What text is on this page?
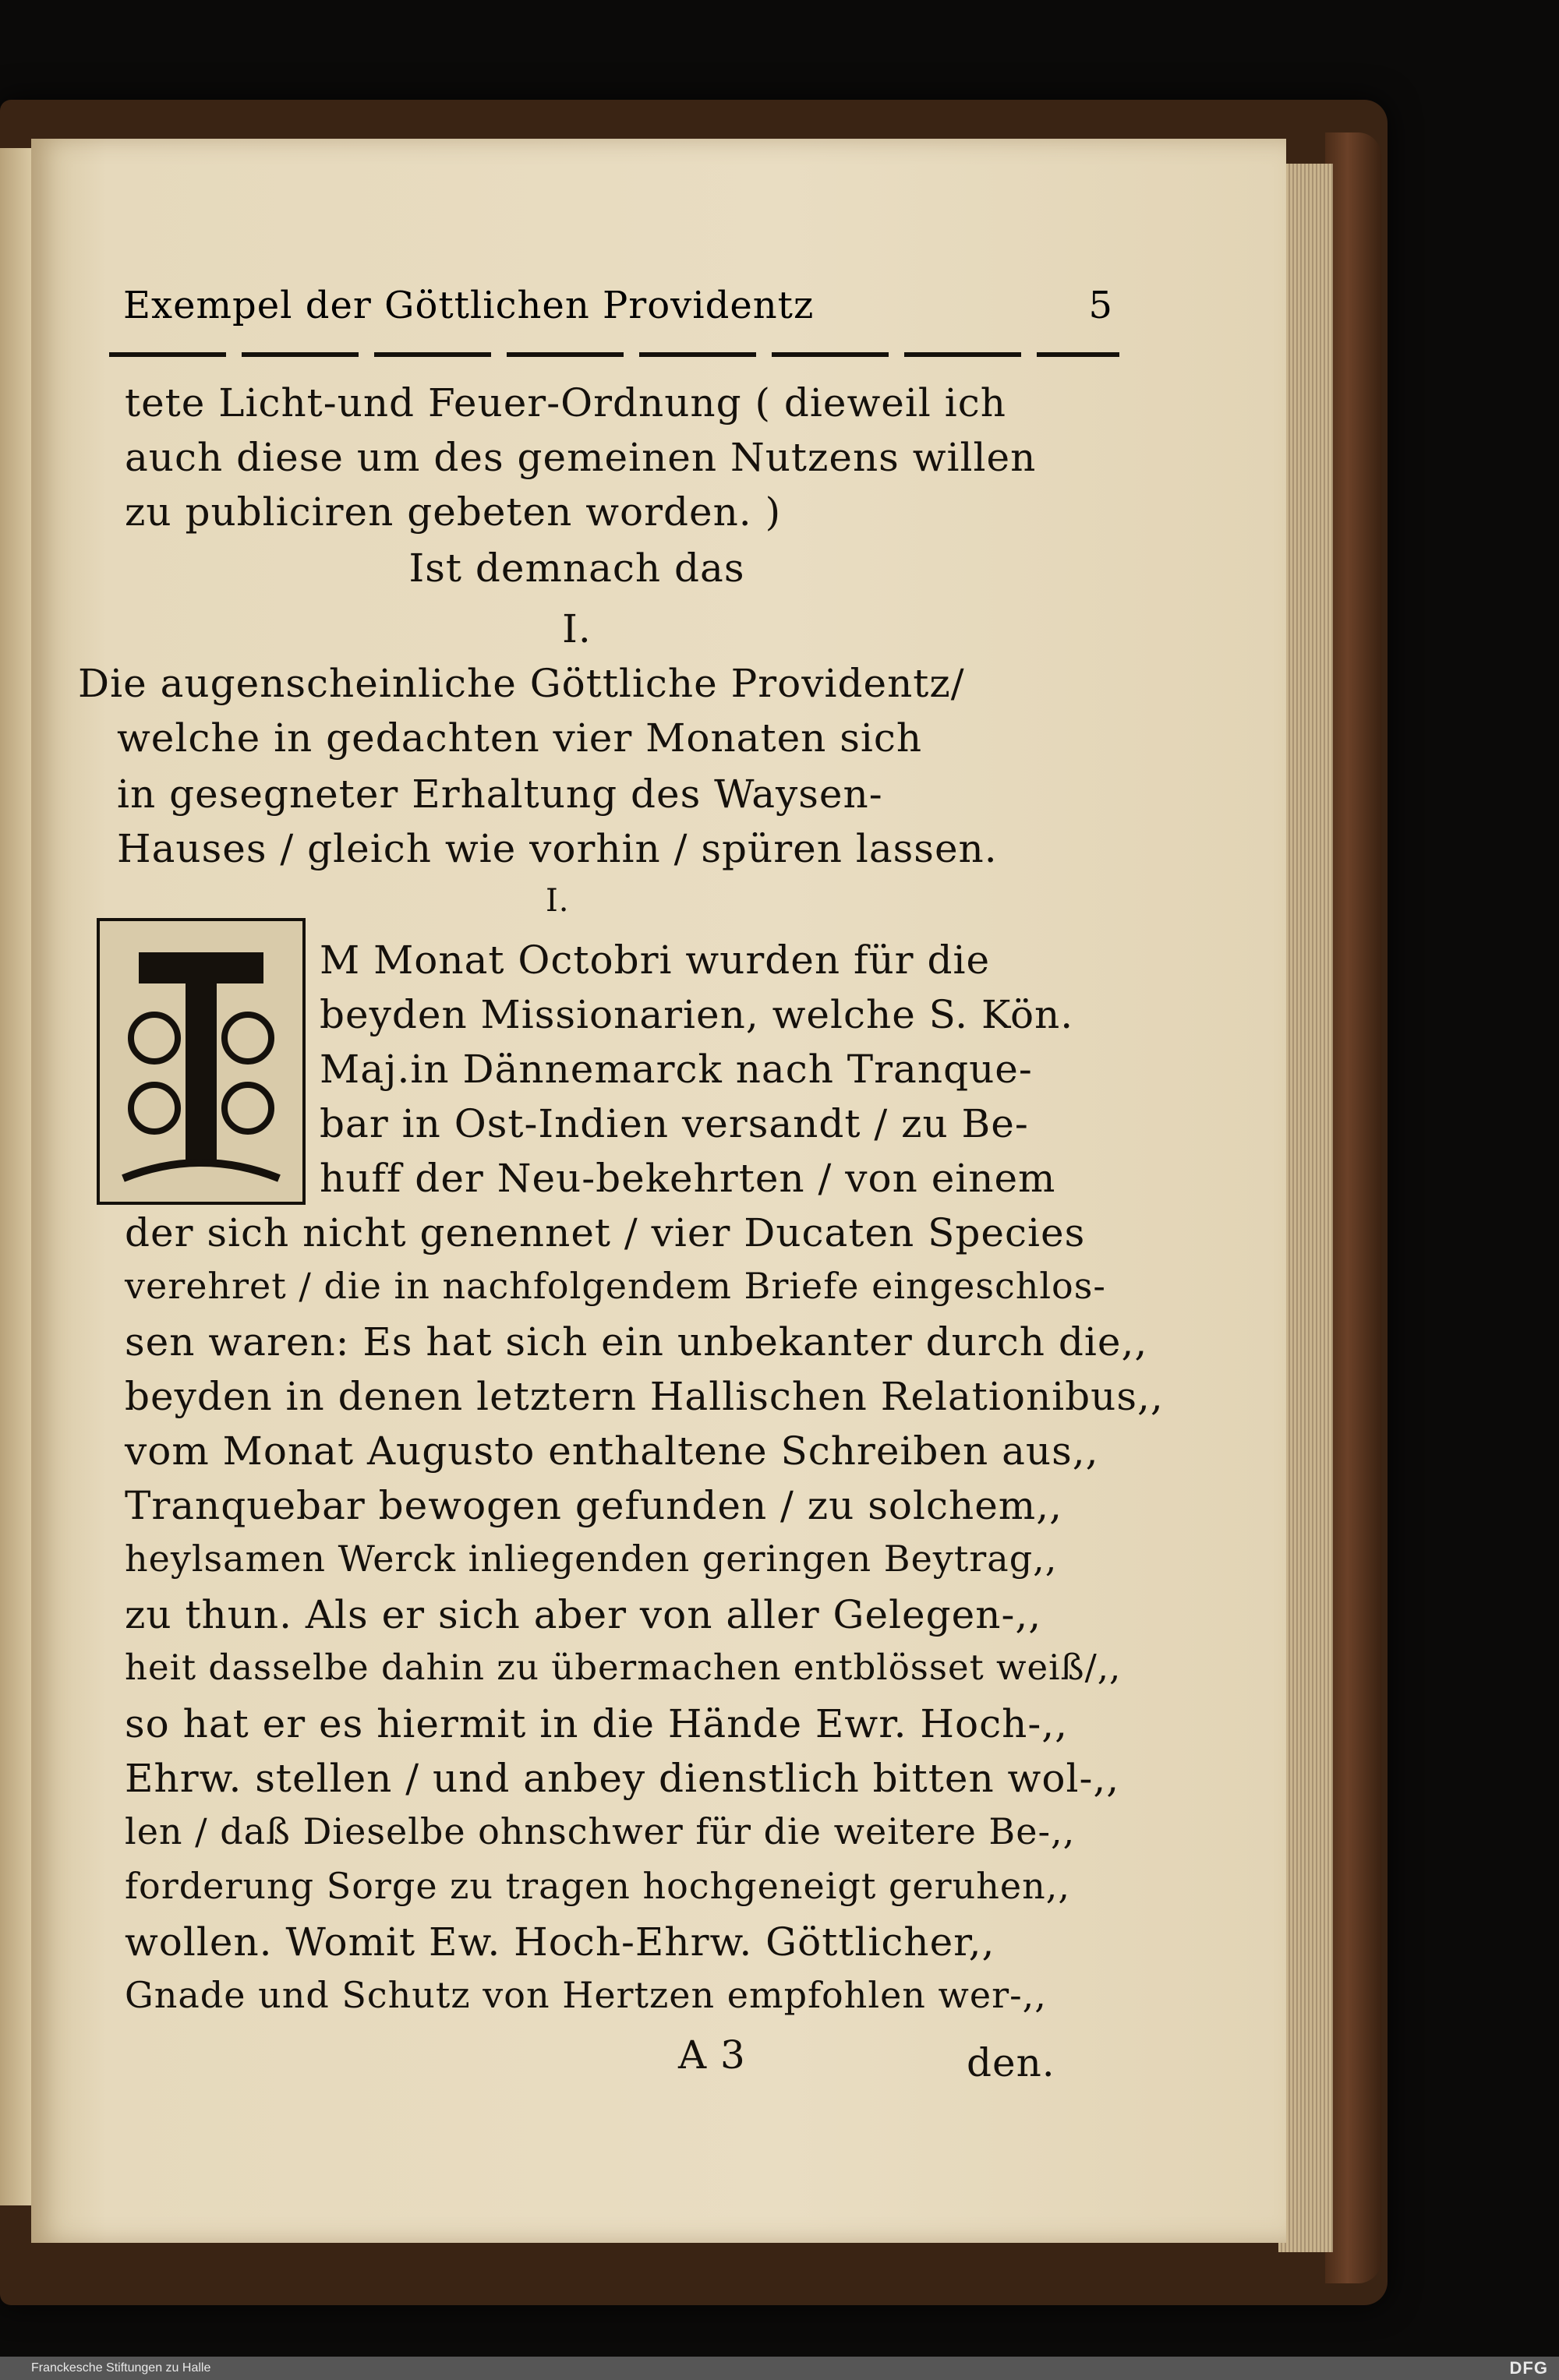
Exempel der Göttlichen Providentz	5
tete Licht-und Feuer-Ordnung ( dieweil ich
auch diese um des gemeinen Nutzens willen
zu publiciren gebeten worden. )
Ist demnach das
I.
Die augenscheinliche Göttliche Providentz/
welche in gedachten vier Monaten sich
in gesegneter Erhaltung des Waysen-
Hauses / gleich wie vorhin / spüren lassen.
I.
M Monat Octobri wurden für die
beyden Missionarien, welche S. Kön.
Maj.in Dännemarck nach Tranque-
bar in Ost-Indien versandt / zu Be-
huff der Neu-bekehrten / von einem
der sich nicht genennet / vier Ducaten Species
verehret / die in nachfolgendem Briefe eingeschlos-
sen waren: Es hat sich ein unbekanter durch die,,
beyden in denen letztern Hallischen Relationibus,,
vom Monat Augusto enthaltene Schreiben aus,,
Tranquebar bewogen gefunden / zu solchem,,
heylsamen Werck inliegenden geringen Beytrag,,
zu thun. Als er sich aber von aller Gelegen-,,
heit dasselbe dahin zu übermachen entblösset weiß/,,
so hat er es hiermit in die Hände Ewr. Hoch-,,
Ehrw. stellen / und anbey dienstlich bitten wol-,,
len / daß Dieselbe ohnschwer für die weitere Be-,,
forderung Sorge zu tragen hochgeneigt geruhen,,
wollen. Womit Ew. Hoch-Ehrw. Göttlicher,,
Gnade und Schutz von Hertzen empfohlen wer-,,
A 3	den.
Franckesche Stiftungen zu Halle	DFG
